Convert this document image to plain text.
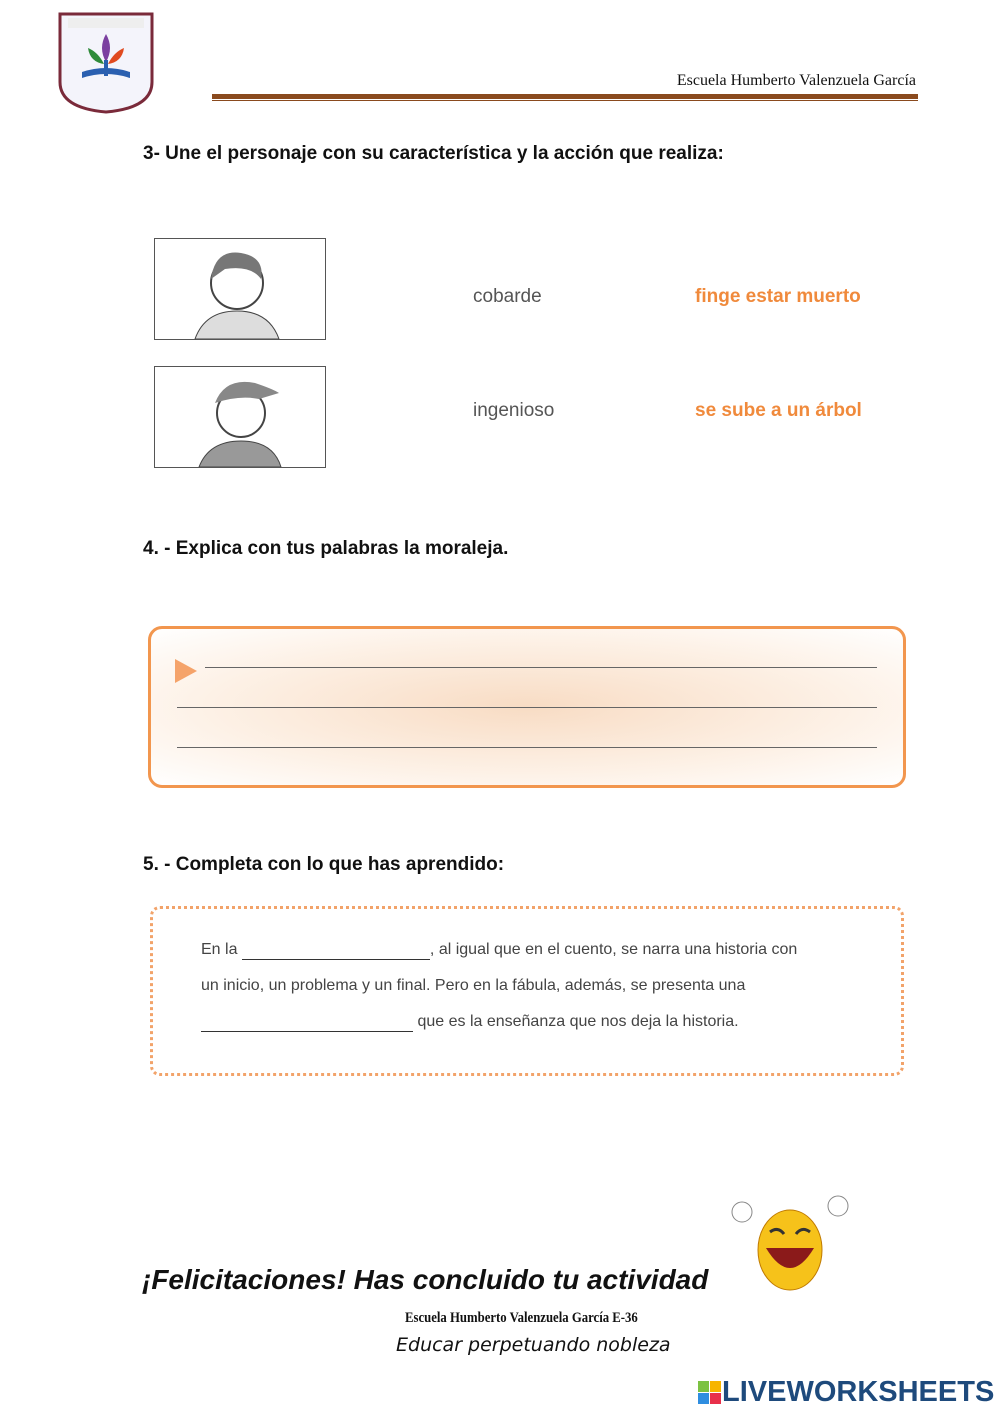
Escuela Humberto Valenzuela García
3- Une el personaje con su característica y la acción que realiza:
cobarde
ingenioso
finge estar muerto
se sube a un árbol
4. - Explica con tus palabras la moraleja.
5. - Completa con lo que has aprendido:
En la	, al igual que en el cuento, se narra una historia con
un inicio, un problema y un final. Pero en la fábula, además, se presenta una
que es la enseñanza que nos deja la historia.
¡Felicitaciones! Has concluido tu actividad
Escuela Humberto Valenzuela García E-36
Educar perpetuando nobleza
LIVEWORKSHEETS
